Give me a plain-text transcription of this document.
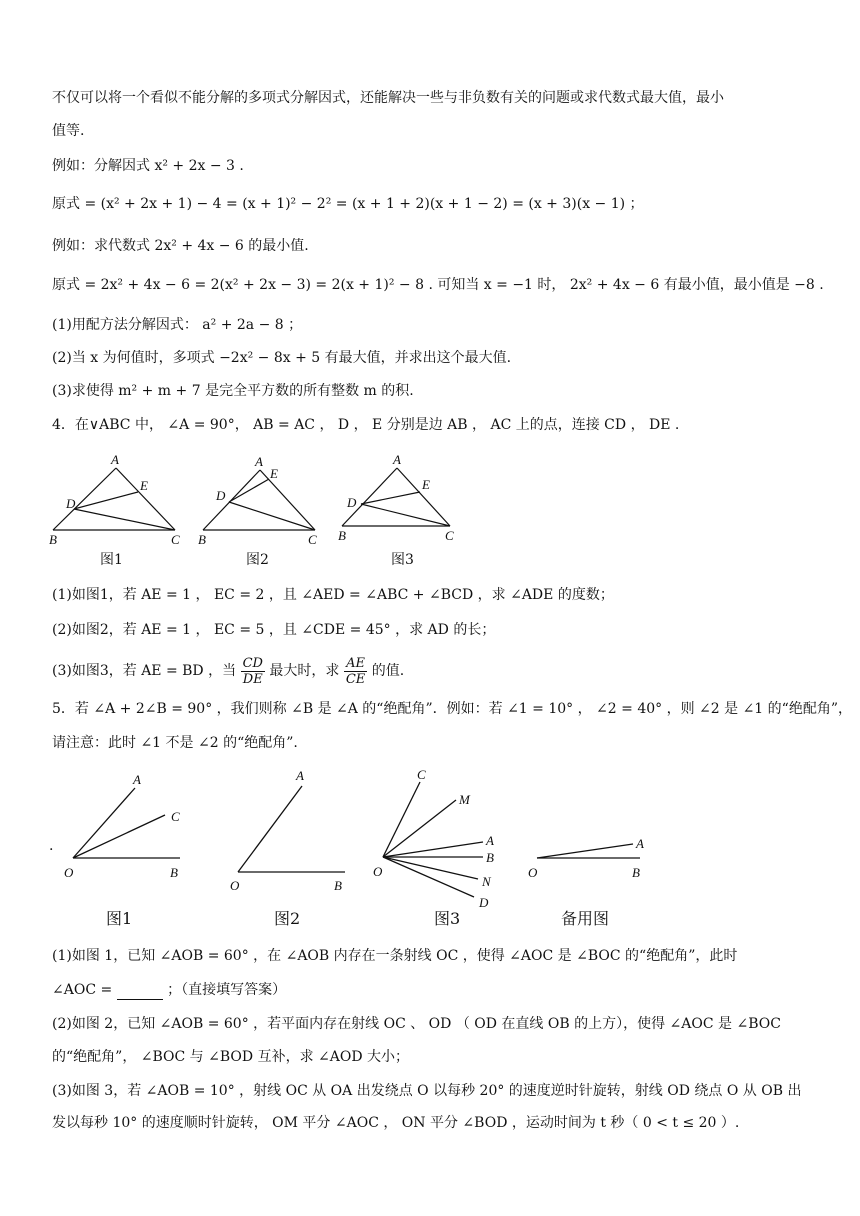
不仅可以将一个看似不能分解的多项式分解因式，还能解决一些与非负数有关的问题或求代数式最大值，最小
值等.
例如：分解因式 x² + 2x − 3 .
原式 = (x² + 2x + 1) − 4 = (x + 1)² − 2² = (x + 1 + 2)(x + 1 − 2) = (x + 3)(x − 1) ；
例如：求代数式 2x² + 4x − 6 的最小值.
原式 = 2x² + 4x − 6 = 2(x² + 2x − 3) = 2(x + 1)² − 8 . 可知当 x = −1 时， 2x² + 4x − 6 有最小值，最小值是 −8 .
(1)用配方法分解因式： a² + 2a − 8 ；
(2)当 x 为何值时，多项式 −2x² − 8x + 5 有最大值，并求出这个最大值.
(3)求使得 m² + m + 7 是完全平方数的所有整数 m 的积.
4．在∨ABC 中， ∠A = 90°， AB = AC ， D ， E 分别是边 AB ， AC 上的点，连接 CD ， DE .
A
E
D
B	C
A
E
D
B	C
A
E
D
B	C
图1	图2	图3
(1)如图1，若 AE = 1 ， EC = 2 ，且 ∠AED = ∠ABC + ∠BCD ，求 ∠ADE 的度数；
(2)如图2，若 AE = 1 ， EC = 5 ，且 ∠CDE = 45° ，求 AD 的长；
(3)如图3，若 AE = BD ，当 $\frac{CD}{DE}$ 最大时，求 $\frac{AE}{CE}$ 的值.
5．若 ∠A + 2∠B = 90° ，我们则称 ∠B 是 ∠A 的“绝配角”．例如：若 ∠1 = 10° ， ∠2 = 40° ，则 ∠2 是 ∠1 的“绝配角”，
请注意：此时 ∠1 不是 ∠2 的“绝配角”.
.
A
C
O	B
A
O	B
C
M
A
B
N
D
O
A
O	B
图1	图2	图3	备用图
(1)如图 1，已知 ∠AOB = 60° ，在 ∠AOB 内存在一条射线 OC ，使得 ∠AOC 是 ∠BOC 的“绝配角”，此时
∠AOC =	；（直接填写答案）
(2)如图 2，已知 ∠AOB = 60° ，若平面内存在射线 OC 、 OD （ OD 在直线 OB 的上方），使得 ∠AOC 是 ∠BOC
的“绝配角”， ∠BOC 与 ∠BOD 互补，求 ∠AOD 大小；
(3)如图 3，若 ∠AOB = 10° ，射线 OC 从 OA 出发绕点 O 以每秒 20° 的速度逆时针旋转，射线 OD 绕点 O 从 OB 出
发以每秒 10° 的速度顺时针旋转， OM 平分 ∠AOC ， ON 平分 ∠BOD ，运动时间为 t 秒（ 0 < t ≤ 20 ）.
